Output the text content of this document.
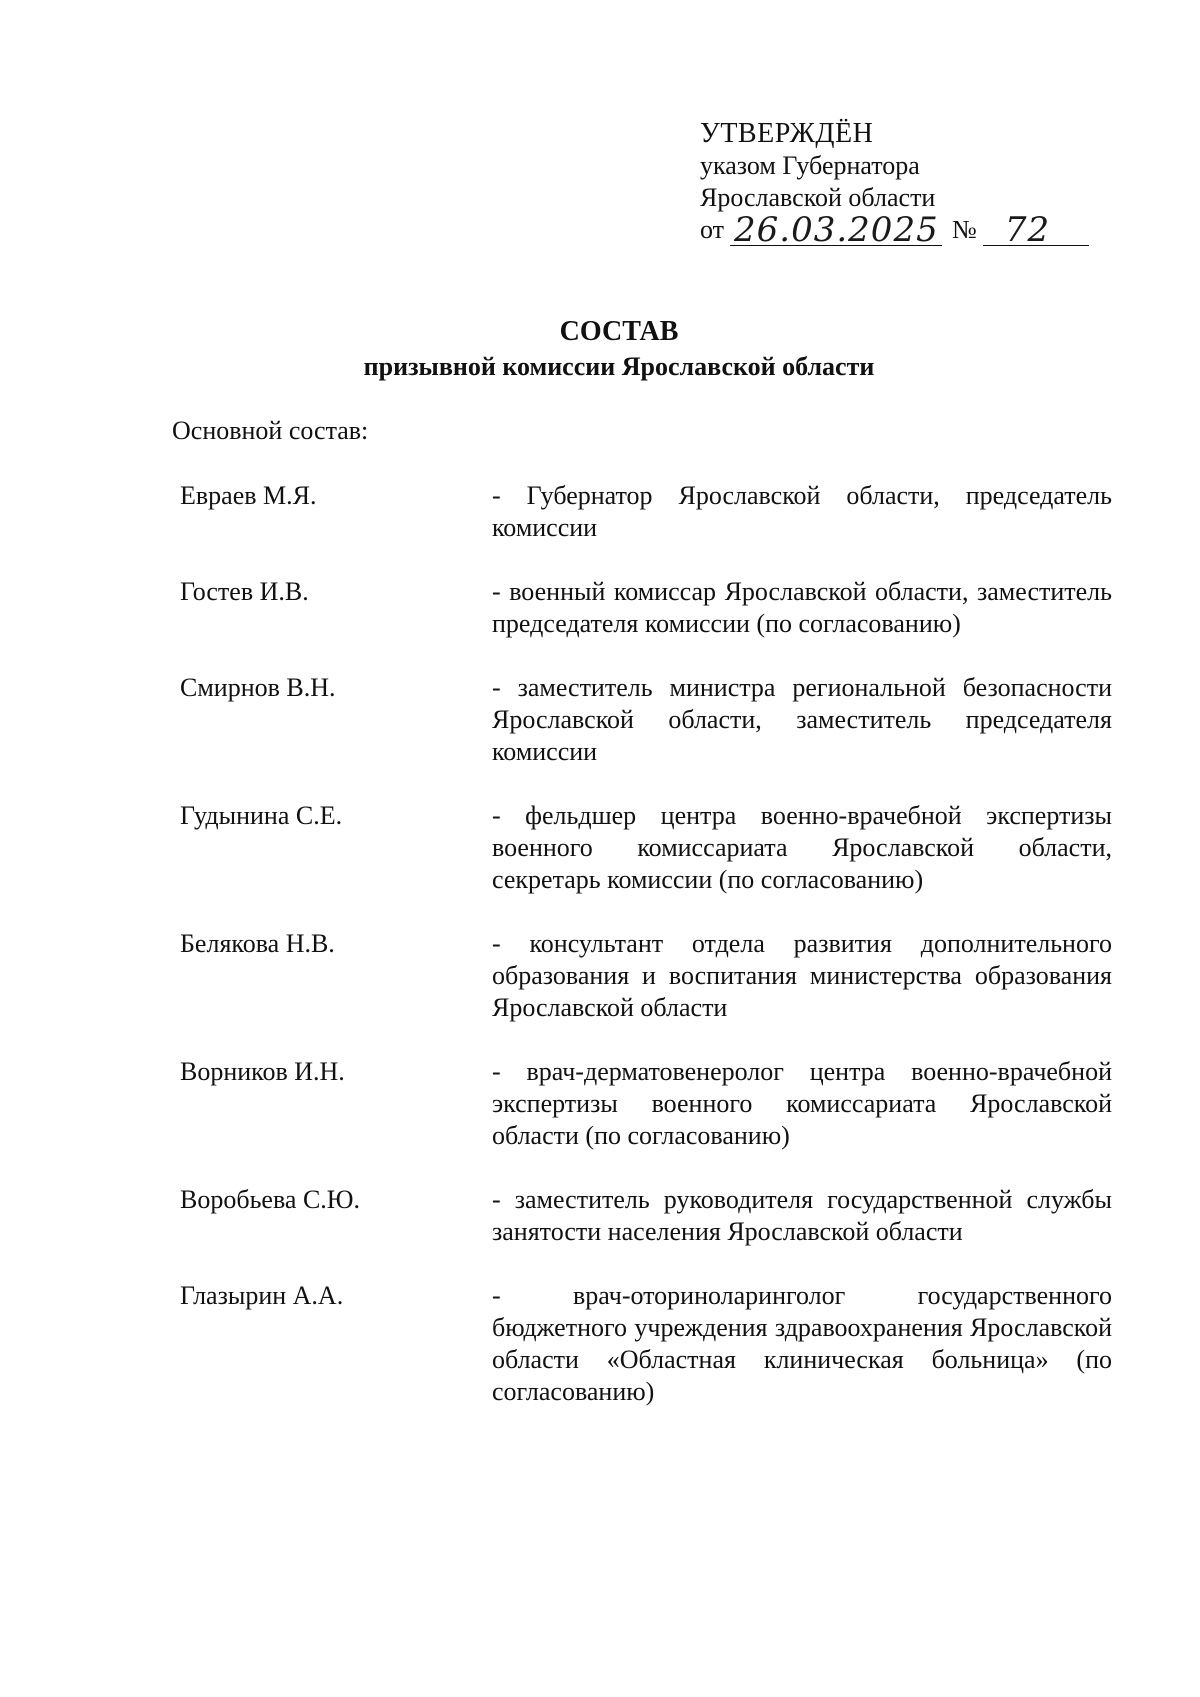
УТВЕРЖДЁН
указом Губернатора
Ярославской области
от 26.03.2025 № 72
СОСТАВ
призывной комиссии Ярославской области
Основной состав:
Евраев М.Я.	- Губернатор Ярославской области, председатель комиссии
Гостев И.В.	- военный комиссар Ярославской области, заместитель председателя комиссии (по согласованию)
Смирнов В.Н.	- заместитель министра региональной безопасности Ярославской области, заместитель председателя комиссии
Гудынина С.Е.	- фельдшер центра военно-врачебной экспертизы военного комиссариата Ярославской области, секретарь комиссии (по согласованию)
Белякова Н.В.	- консультант отдела развития дополнительного образования и воспитания министерства образования Ярославской области
Ворников И.Н.	- врач-дерматовенеролог центра военно-врачебной экспертизы военного комиссариата Ярославской области (по согласованию)
Воробьева С.Ю.	- заместитель руководителя государственной службы занятости населения Ярославской области
Глазырин А.А.	- врач-оториноларинголог государственного бюджетного учреждения здравоохранения Ярославской области «Областная клиническая больница» (по согласованию)
